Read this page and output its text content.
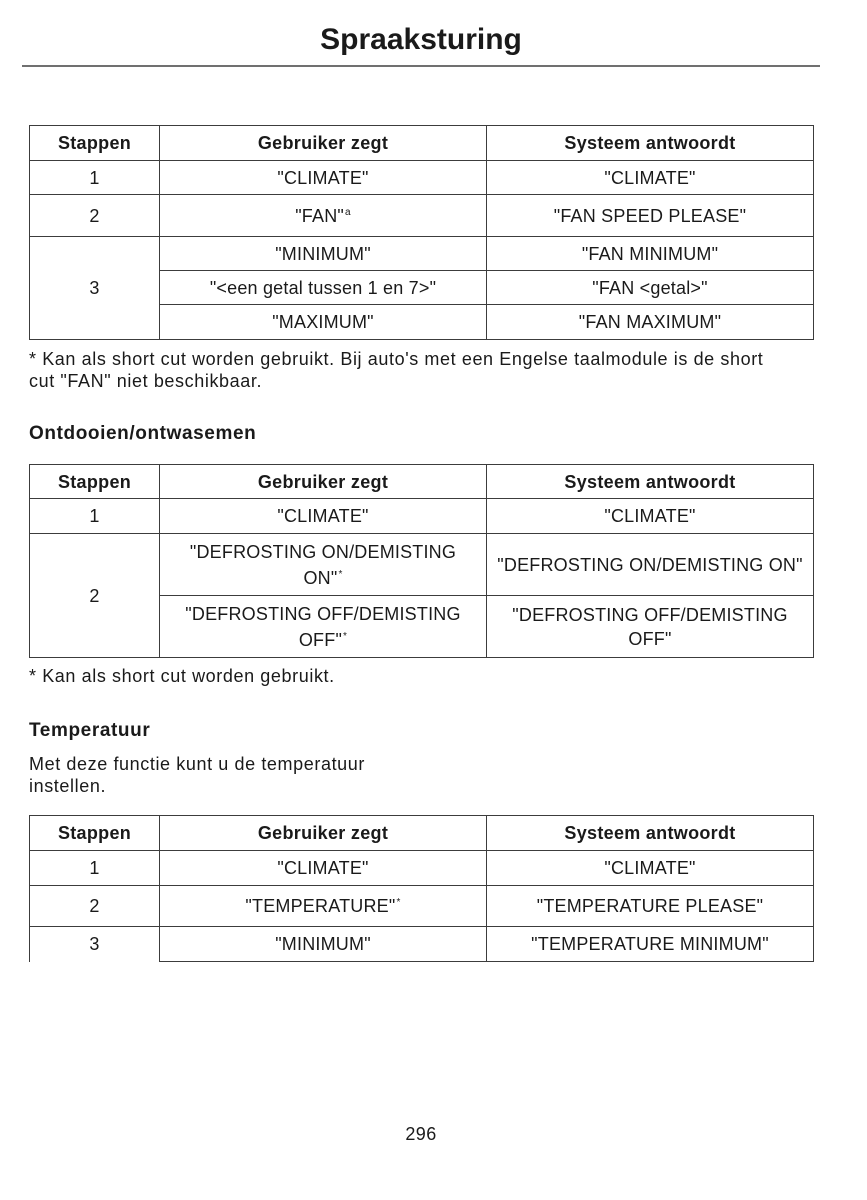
Spraaksturing
Stappen	Gebruiker zegt	Systeem antwoordt
1	"CLIMATE"	"CLIMATE"
2	"FAN"$^a$	"FAN SPEED PLEASE"
3	"MINIMUM"	"FAN MINIMUM"
	"<een getal tussen 1 en 7>"	"FAN <getal>"
	"MAXIMUM"	"FAN MAXIMUM"
* Kan als short cut worden gebruikt. Bij auto's met een Engelse taalmodule is de short cut "FAN" niet beschikbaar.
Ontdooien/ontwasemen
Stappen	Gebruiker zegt	Systeem antwoordt
1	"CLIMATE"	"CLIMATE"
2	"DEFROSTING ON/DEMISTING ON"*	"DEFROSTING ON/DEMISTING ON"
	"DEFROSTING OFF/DEMISTING OFF"*	"DEFROSTING OFF/DEMISTING OFF"
* Kan als short cut worden gebruikt.
Temperatuur
Met deze functie kunt u de temperatuur instellen.
Stappen	Gebruiker zegt	Systeem antwoordt
1	"CLIMATE"	"CLIMATE"
2	"TEMPERATURE"*	"TEMPERATURE PLEASE"
3	"MINIMUM"	"TEMPERATURE MINIMUM"
296
